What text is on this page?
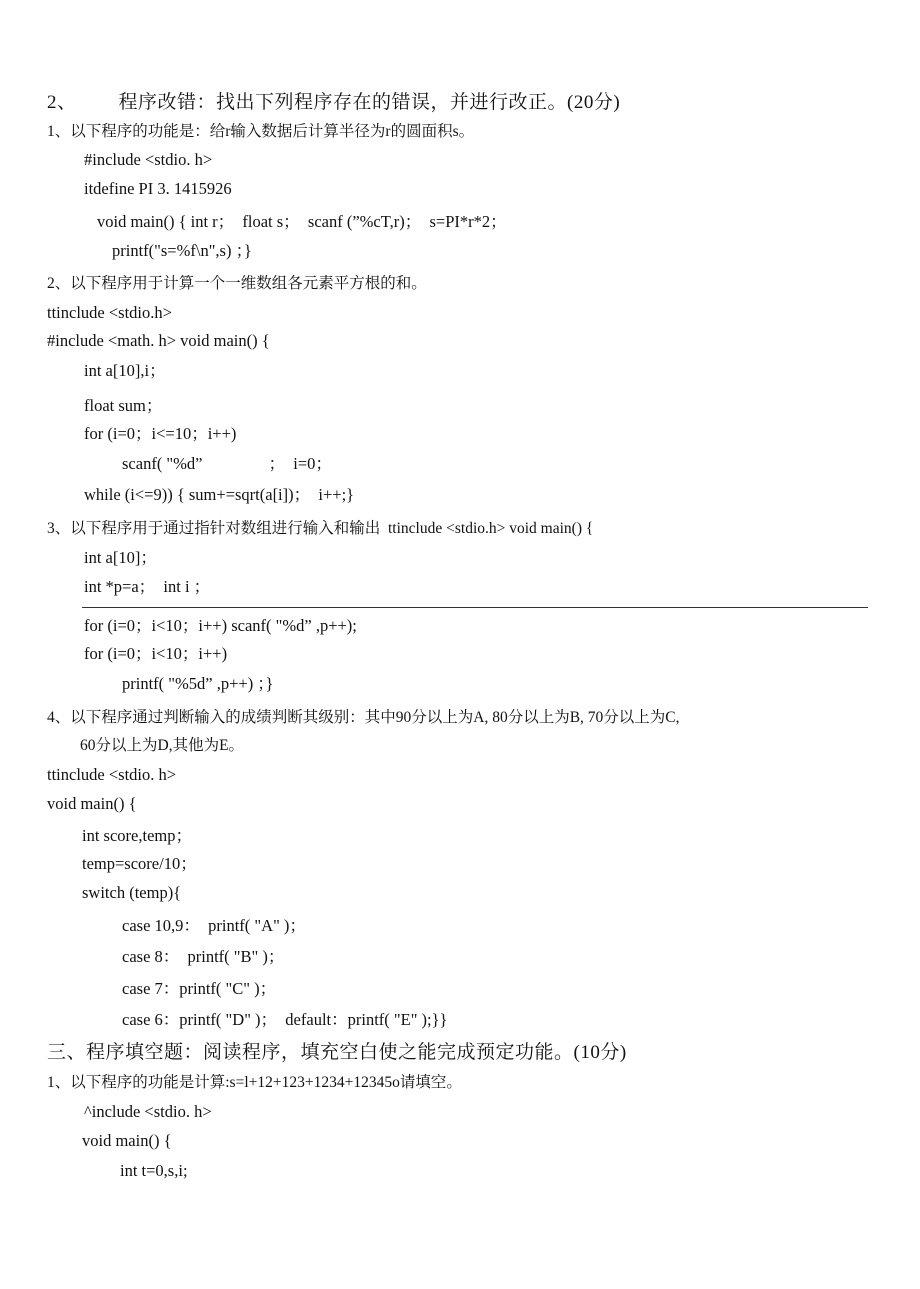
2、        程序改错：找出下列程序存在的错误，并进行改正。(20分)
1、以下程序的功能是：给r输入数据后计算半径为r的圆面积s。
#include <stdio. h>
itdefine PI 3. 1415926
void main() { int r；  float s；  scanf (”%cT,r)；  s=PI*r*2；
printf("s=%f\n",s) ；}
2、以下程序用于计算一个一维数组各元素平方根的和。
ttinclude <stdio.h>
#include <math. h> void main() {
int a[10],i；
float sum；
for (i=0；i<=10；i++)
scanf( "%d”                ；  i=0；
while (i<=9)) { sum+=sqrt(a[i])；  i++;}
3、以下程序用于通过指针对数组进行输入和输出  ttinclude <stdio.h> void main() {
int a[10]；
int *p=a；  int i ；
for (i=0；i<10；i++) scanf( "%d” ,p++);
for (i=0；i<10；i++)
printf( "%5d” ,p++) ；}
4、以下程序通过判断输入的成绩判断其级别：其中90分以上为A, 80分以上为B, 70分以上为C,
60分以上为D,其他为E。
ttinclude <stdio. h>
void main() {
int score,temp；
temp=score/10；
switch (temp){
case 10,9：  printf( "A" )；
case 8：  printf( "B" )；
case 7：printf( "C" )；
case 6：printf( "D" )；  default：printf( "E" );}}
三、程序填空题：阅读程序，填充空白使之能完成预定功能。(10分)
1、以下程序的功能是计算:s=l+12+123+1234+12345o请填空。
^include <stdio. h>
void main() {
int t=0,s,i;
